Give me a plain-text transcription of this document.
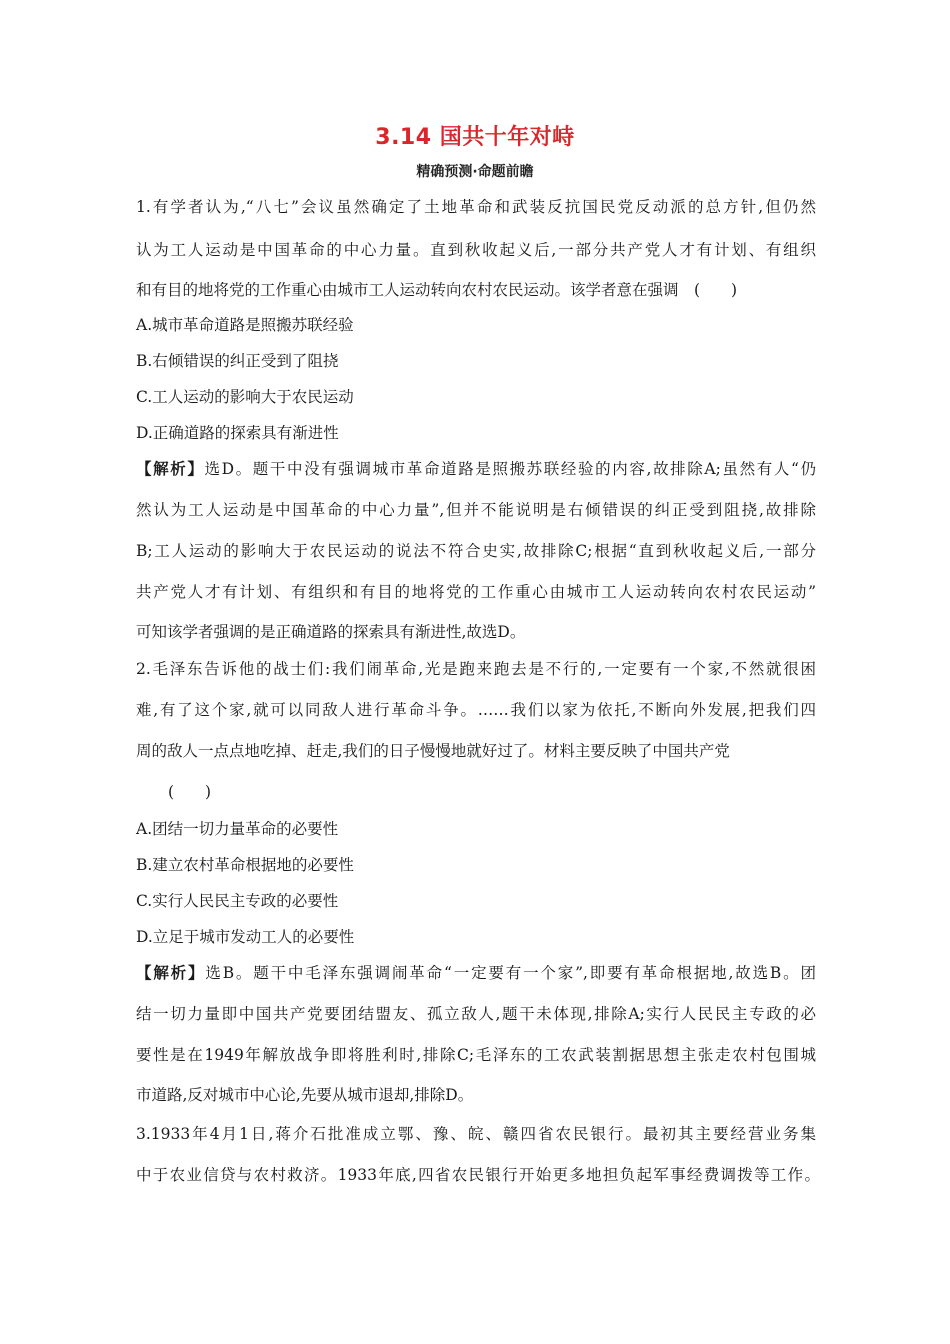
3.14 国共十年对峙
精确预测·命题前瞻
1.有学者认为,“八七”会议虽然确定了土地革命和武装反抗国民党反动派的总方针,但仍然
认为工人运动是中国革命的中心力量。直到秋收起义后,一部分共产党人才有计划、有组织
和有目的地将党的工作重心由城市工人运动转向农村农民运动。该学者意在强调　(　　)
A.城市革命道路是照搬苏联经验
B.右倾错误的纠正受到了阻挠
C.工人运动的影响大于农民运动
D.正确道路的探索具有渐进性
【解析】选D。题干中没有强调城市革命道路是照搬苏联经验的内容,故排除A;虽然有人“仍
然认为工人运动是中国革命的中心力量”,但并不能说明是右倾错误的纠正受到阻挠,故排除
B;工人运动的影响大于农民运动的说法不符合史实,故排除C;根据“直到秋收起义后,一部分
共产党人才有计划、有组织和有目的地将党的工作重心由城市工人运动转向农村农民运动”
可知该学者强调的是正确道路的探索具有渐进性,故选D。
2.毛泽东告诉他的战士们:我们闹革命,光是跑来跑去是不行的,一定要有一个家,不然就很困
难,有了这个家,就可以同敌人进行革命斗争。……我们以家为依托,不断向外发展,把我们四
周的敌人一点点地吃掉、赶走,我们的日子慢慢地就好过了。材料主要反映了中国共产党
(　　)
A.团结一切力量革命的必要性
B.建立农村革命根据地的必要性
C.实行人民民主专政的必要性
D.立足于城市发动工人的必要性
【解析】选B。题干中毛泽东强调闹革命“一定要有一个家”,即要有革命根据地,故选B。团
结一切力量即中国共产党要团结盟友、孤立敌人,题干未体现,排除A;实行人民民主专政的必
要性是在1949年解放战争即将胜利时,排除C;毛泽东的工农武装割据思想主张走农村包围城
市道路,反对城市中心论,先要从城市退却,排除D。
3.1933年4月1日,蒋介石批准成立鄂、豫、皖、赣四省农民银行。最初其主要经营业务集
中于农业信贷与农村救济。1933年底,四省农民银行开始更多地担负起军事经费调拨等工作。
